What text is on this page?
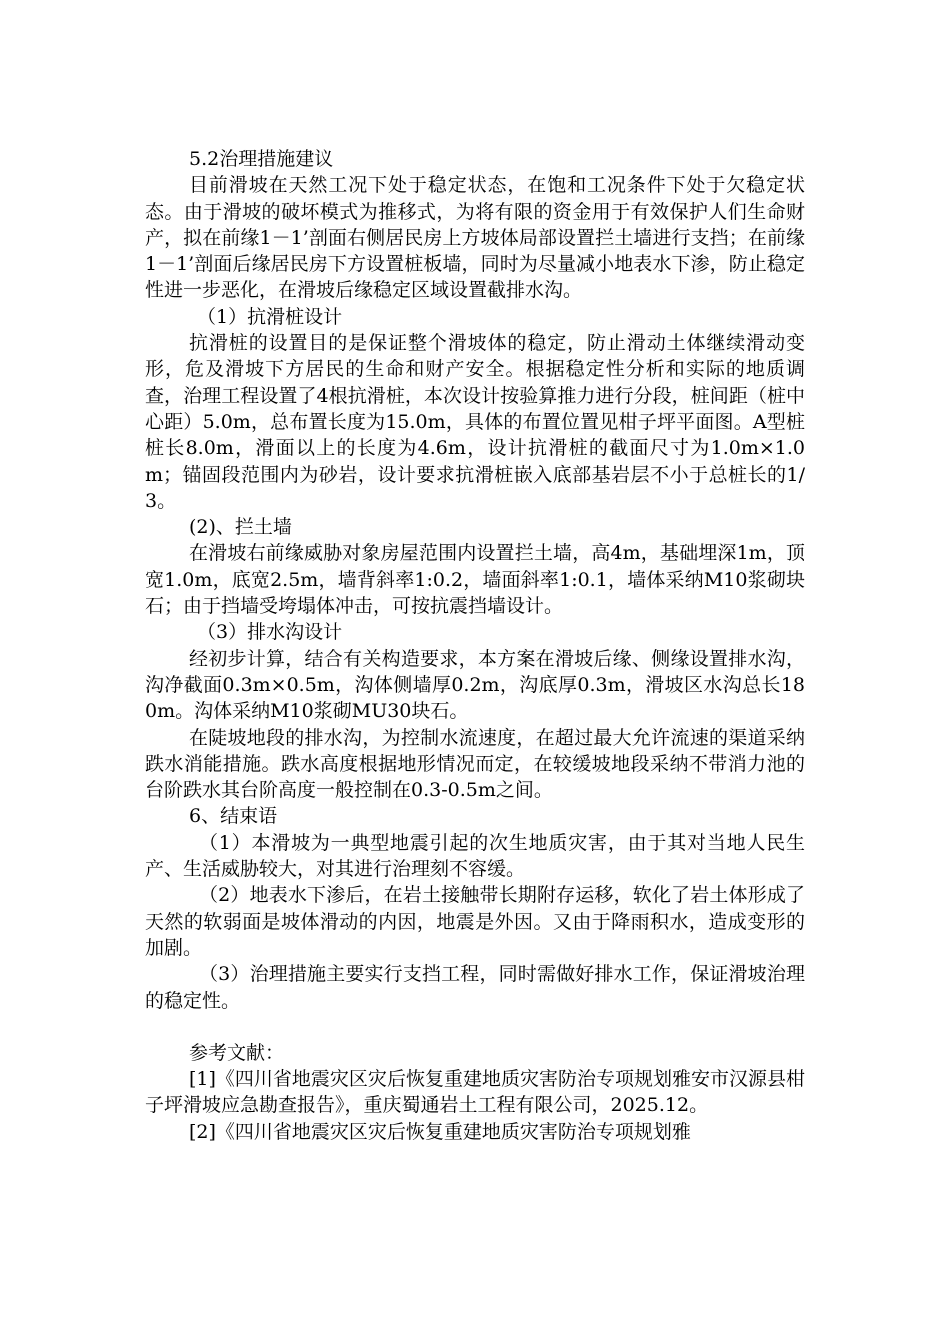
5.2治理措施建议

目前滑坡在天然工况下处于稳定状态，在饱和工况条件下处于欠稳定状态。由于滑坡的破坏模式为推移式，为将有限的资金用于有效保护人们生命财产，拟在前缘1－1’剖面右侧居民房上方坡体局部设置拦土墙进行支挡；在前缘1－1’剖面后缘居民房下方设置桩板墙，同时为尽量减小地表水下渗，防止稳定性进一步恶化，在滑坡后缘稳定区域设置截排水沟。

（1）抗滑桩设计

抗滑桩的设置目的是保证整个滑坡体的稳定，防止滑动土体继续滑动变形，危及滑坡下方居民的生命和财产安全。根据稳定性分析和实际的地质调查，治理工程设置了4根抗滑桩，本次设计按验算推力进行分段，桩间距（桩中心距）5.0m，总布置长度为15.0m，具体的布置位置见柑子坪平面图。A型桩桩长8.0m，滑面以上的长度为4.6m，设计抗滑桩的截面尺寸为1.0m×1.0m；锚固段范围内为砂岩，设计要求抗滑桩嵌入底部基岩层不小于总桩长的1/3。

(2)、拦土墙

在滑坡右前缘威胁对象房屋范围内设置拦土墙，高4m，基础埋深1m，顶宽1.0m，底宽2.5m，墙背斜率1:0.2，墙面斜率1:0.1，墙体采纳M10浆砌块石；由于挡墙受垮塌体冲击，可按抗震挡墙设计。

（3）排水沟设计

经初步计算，结合有关构造要求，本方案在滑坡后缘、侧缘设置排水沟，沟净截面0.3m×0.5m，沟体侧墙厚0.2m，沟底厚0.3m，滑坡区水沟总长180m。沟体采纳M10浆砌MU30块石。

在陡坡地段的排水沟，为控制水流速度，在超过最大允许流速的渠道采纳跌水消能措施。跌水高度根据地形情况而定，在较缓坡地段采纳不带消力池的台阶跌水其台阶高度一般控制在0.3-0.5m之间。

6、结束语

（1）本滑坡为一典型地震引起的次生地质灾害，由于其对当地人民生产、生活威胁较大，对其进行治理刻不容缓。

（2）地表水下渗后，在岩土接触带长期附存运移，软化了岩土体形成了天然的软弱面是坡体滑动的内因，地震是外因。又由于降雨积水，造成变形的加剧。

（3）治理措施主要实行支挡工程，同时需做好排水工作，保证滑坡治理的稳定性。

参考文献：

[1]《四川省地震灾区灾后恢复重建地质灾害防治专项规划雅安市汉源县柑子坪滑坡应急勘查报告》，重庆蜀通岩土工程有限公司，2025.12。

[2]《四川省地震灾区灾后恢复重建地质灾害防治专项规划雅
